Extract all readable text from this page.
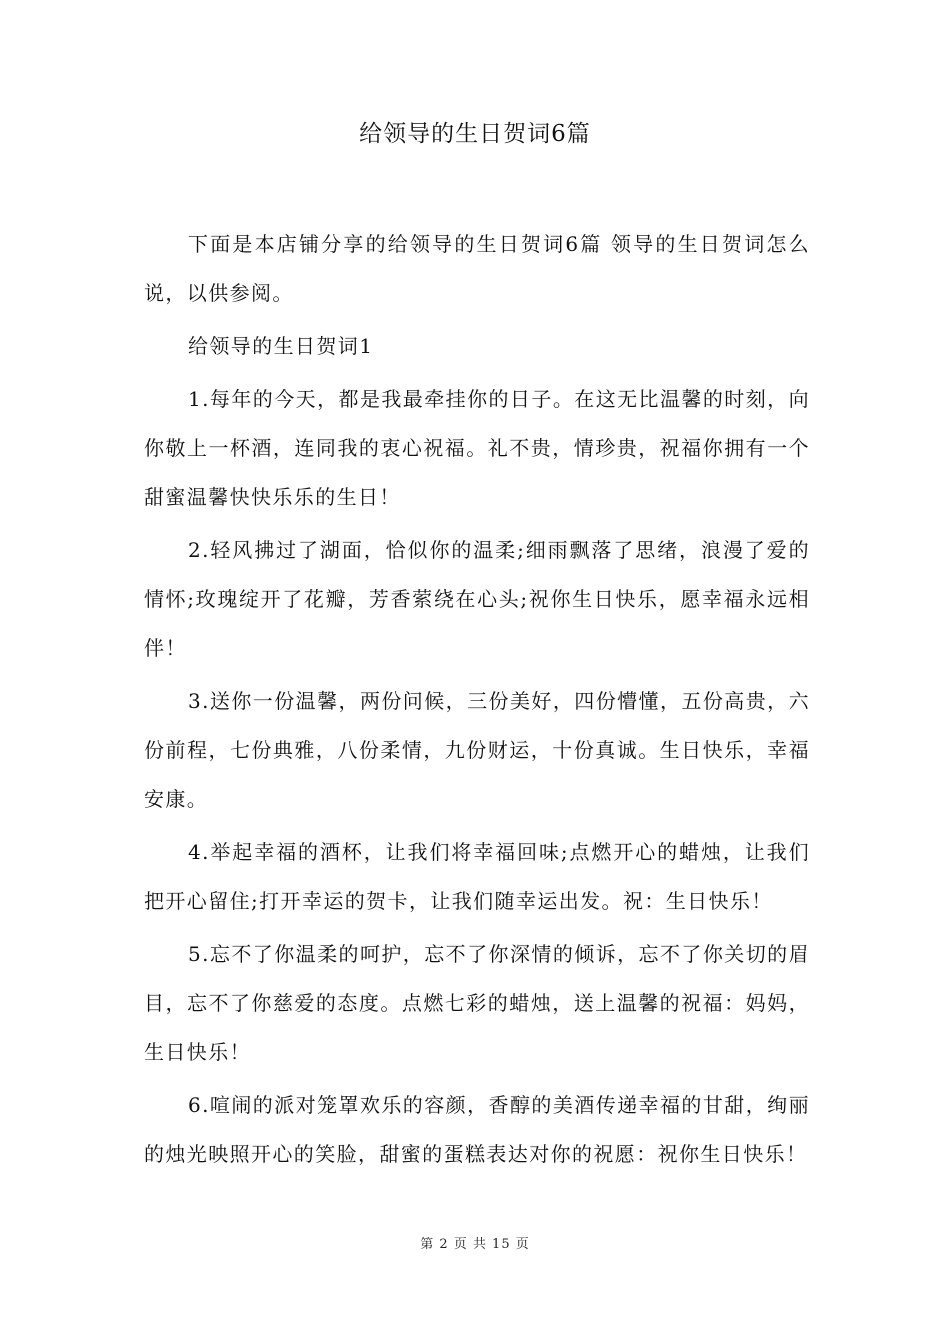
给领导的生日贺词6篇

下面是本店铺分享的给领导的生日贺词6篇 领导的生日贺词怎么说，以供参阅。

给领导的生日贺词1

1.每年的今天，都是我最牵挂你的日子。在这无比温馨的时刻，向你敬上一杯酒，连同我的衷心祝福。礼不贵，情珍贵，祝福你拥有一个甜蜜温馨快快乐乐的生日！

2.轻风拂过了湖面，恰似你的温柔;细雨飘落了思绪，浪漫了爱的情怀;玫瑰绽开了花瓣，芳香萦绕在心头;祝你生日快乐，愿幸福永远相伴！

3.送你一份温馨，两份问候，三份美好，四份懵懂，五份高贵，六份前程，七份典雅，八份柔情，九份财运，十份真诚。生日快乐，幸福安康。

4.举起幸福的酒杯，让我们将幸福回味;点燃开心的蜡烛，让我们把开心留住;打开幸运的贺卡，让我们随幸运出发。祝：生日快乐！

5.忘不了你温柔的呵护，忘不了你深情的倾诉，忘不了你关切的眉目，忘不了你慈爱的态度。点燃七彩的蜡烛，送上温馨的祝福：妈妈，生日快乐！

6.喧闹的派对笼罩欢乐的容颜，香醇的美酒传递幸福的甘甜，绚丽的烛光映照开心的笑脸，甜蜜的蛋糕表达对你的祝愿：祝你生日快乐！

第 2 页 共 15 页
